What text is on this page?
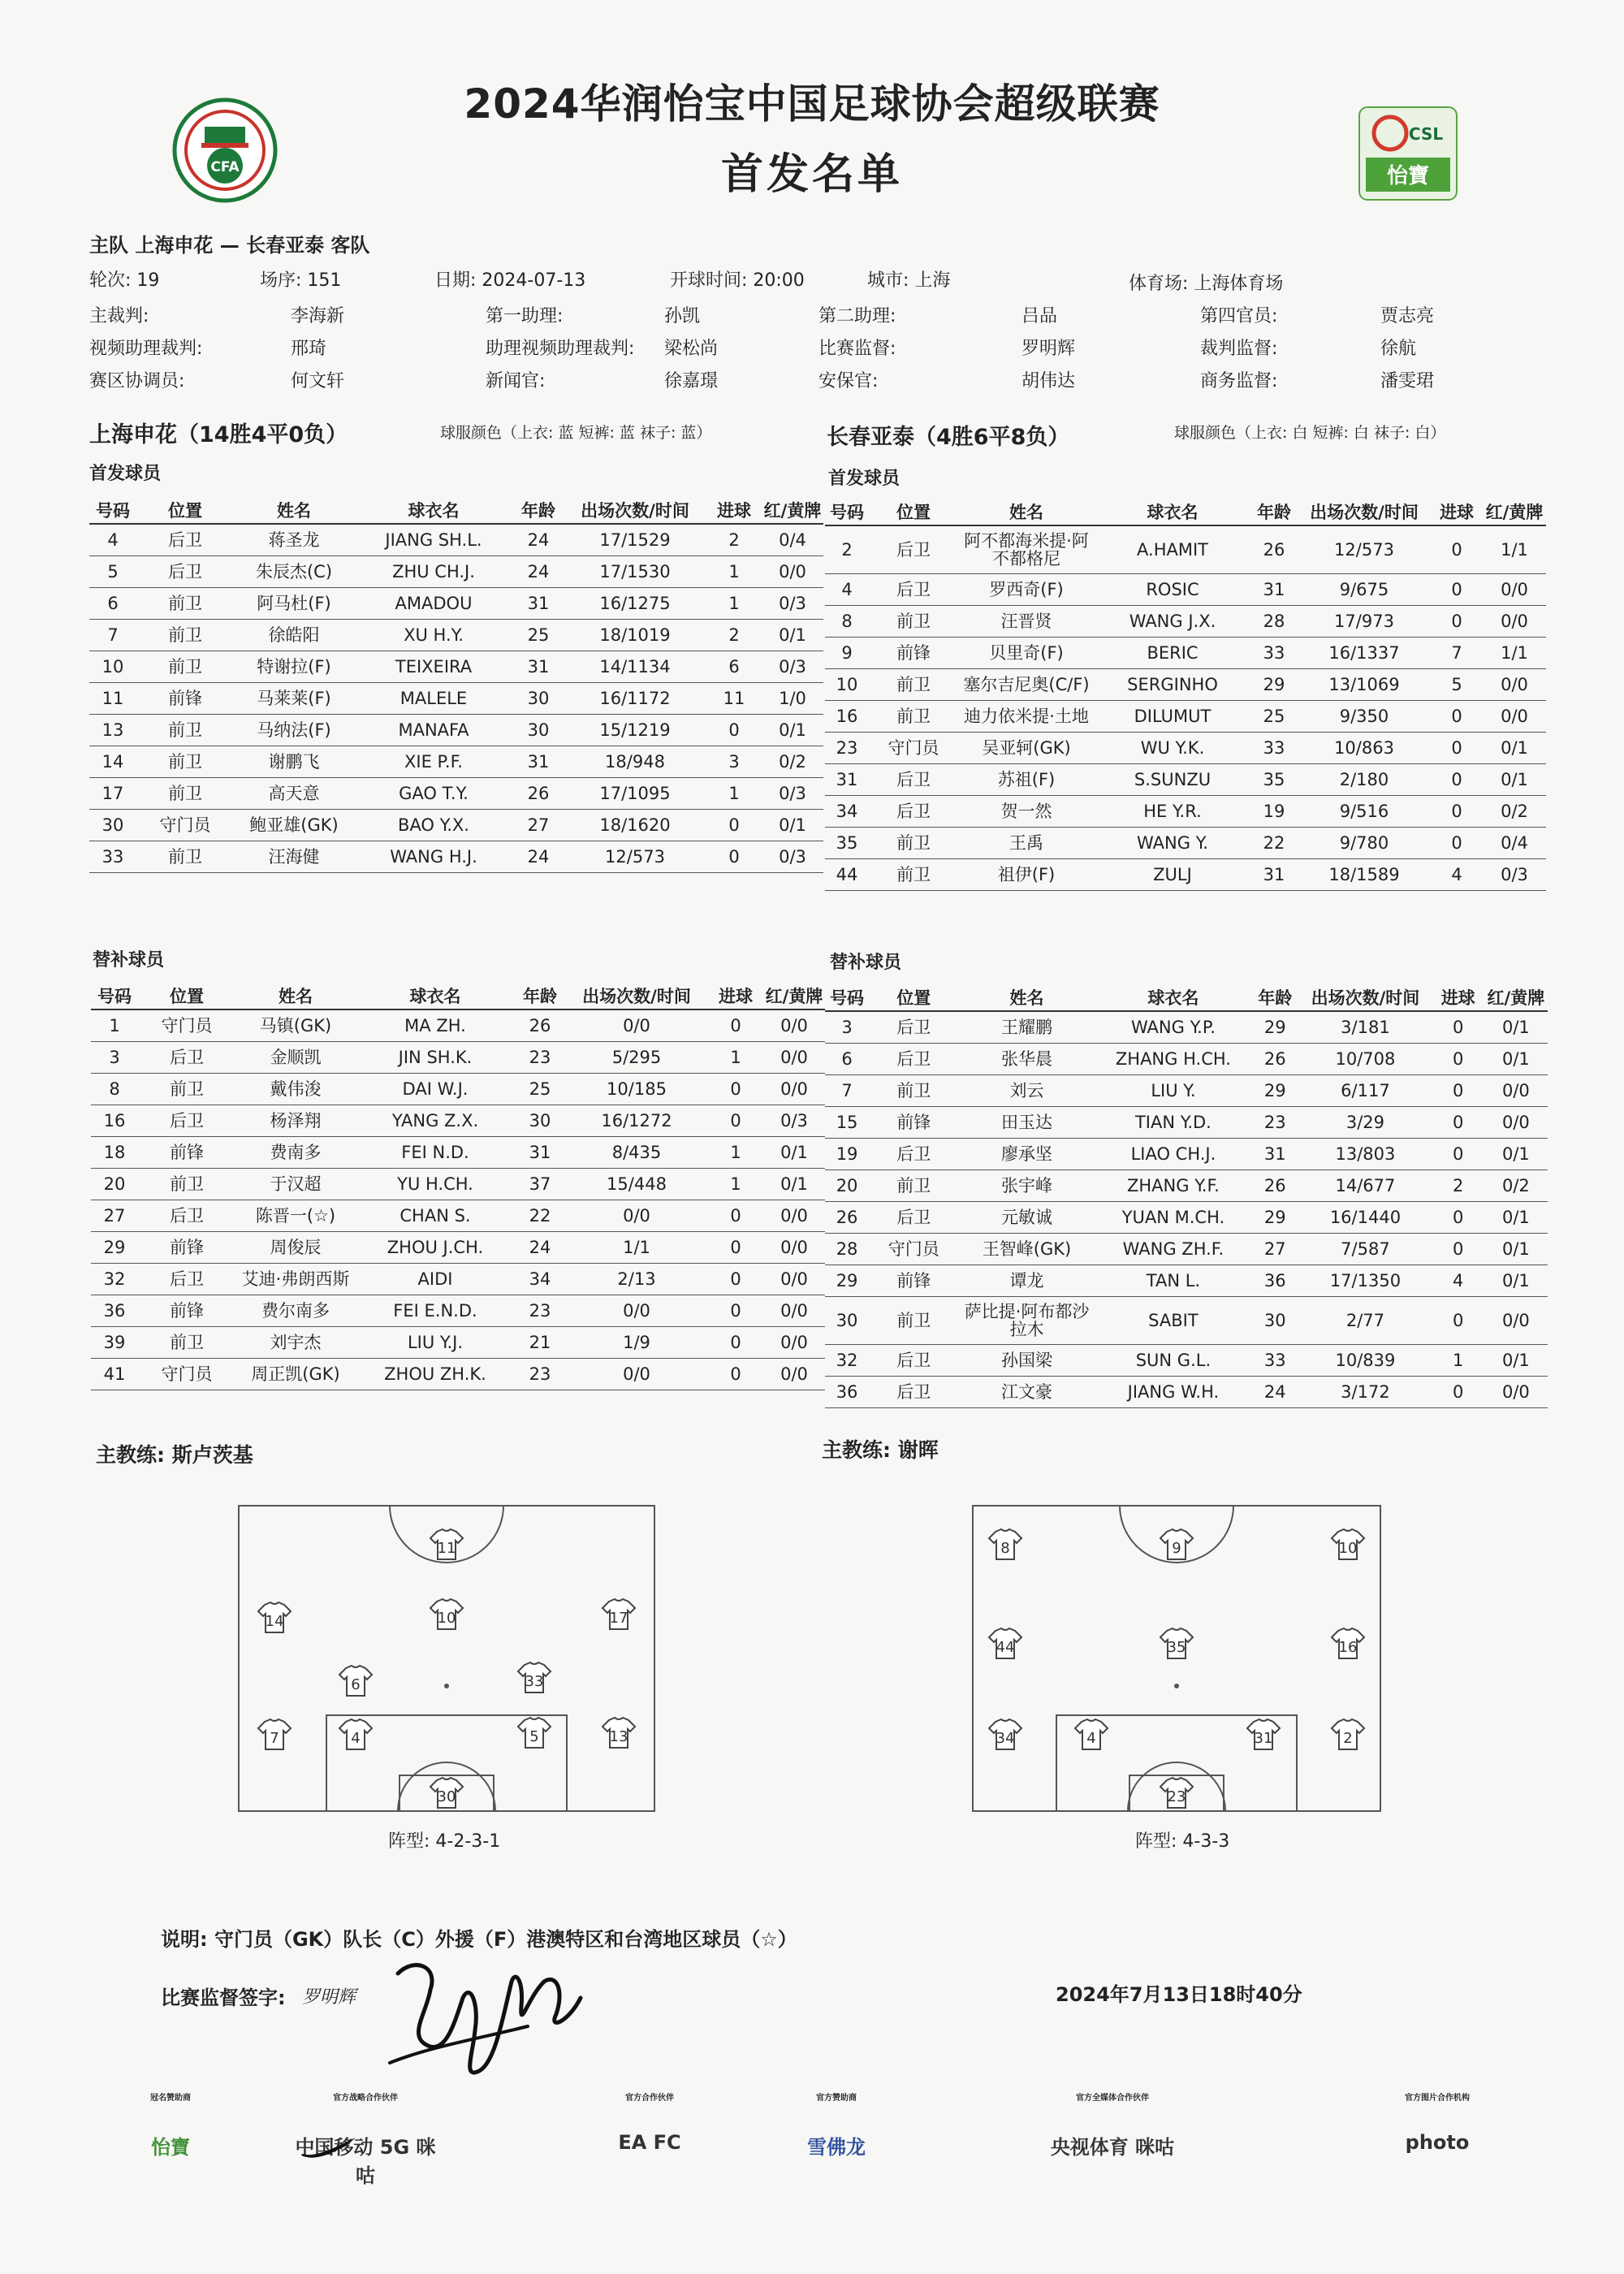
CFA
CSL
怡寶
2024华润怡宝中国足球协会超级联赛
首发名单
主队 上海申花 — 长春亚泰 客队
轮次: 19	场序: 151	日期: 2024-07-13	开球时间: 20:00	城市: 上海	体育场: 上海体育场
主裁判:	李海新	第一助理:	孙凯	第二助理:	吕品	第四官员:	贾志亮
视频助理裁判:	邢琦	助理视频助理裁判: 梁松尚	比赛监督:	罗明辉	裁判监督:	徐航
赛区协调员:	何文轩	新闻官:	徐嘉璟	安保官:	胡伟达	商务监督:	潘雯珺
上海申花（14胜4平0负）	球服颜色（上衣: 蓝 短裤: 蓝 袜子: 蓝）	长春亚泰（4胜6平8负）	球服颜色（上衣: 白 短裤: 白 袜子: 白）
首发球员	首发球员
替补球员	替补球员
号码	位置	姓名	球衣名	年龄	出场次数/时间	进球	红/黄牌
4	后卫	蒋圣龙	JIANG SH.L.	24	17/1529	2	0/4
5	后卫	朱辰杰(C)	ZHU CH.J.	24	17/1530	1	0/0
6	前卫	阿马杜(F)	AMADOU	31	16/1275	1	0/3
7	前卫	徐皓阳	XU H.Y.	25	18/1019	2	0/1
10	前卫	特谢拉(F)	TEIXEIRA	31	14/1134	6	0/3
11	前锋	马莱莱(F)	MALELE	30	16/1172	11	1/0
13	前卫	马纳法(F)	MANAFA	30	15/1219	0	0/1
14	前卫	谢鹏飞	XIE P.F.	31	18/948	3	0/2
17	前卫	高天意	GAO T.Y.	26	17/1095	1	0/3
30	守门员	鲍亚雄(GK)	BAO Y.X.	27	18/1620	0	0/1
33	前卫	汪海健	WANG H.J.	24	12/573	0	0/3
号码	位置	姓名	球衣名	年龄	出场次数/时间	进球	红/黄牌
2	后卫	阿不都海米提·阿
不都格尼	A.HAMIT	26	12/573	0	1/1
4	后卫	罗西奇(F)	ROSIC	31	9/675	0	0/0
8	前卫	汪晋贤	WANG J.X.	28	17/973	0	0/0
9	前锋	贝里奇(F)	BERIC	33	16/1337	7	1/1
10	前卫	塞尔吉尼奥(C/F)	SERGINHO	29	13/1069	5	0/0
16	前卫	迪力依米提·土地	DILUMUT	25	9/350	0	0/0
23	守门员	吴亚轲(GK)	WU Y.K.	33	10/863	0	0/1
31	后卫	苏祖(F)	S.SUNZU	35	2/180	0	0/1
34	后卫	贺一然	HE Y.R.	19	9/516	0	0/2
35	前卫	王禹	WANG Y.	22	9/780	0	0/4
44	前卫	祖伊(F)	ZULJ	31	18/1589	4	0/3
号码	位置	姓名	球衣名	年龄	出场次数/时间	进球	红/黄牌
1	守门员	马镇(GK)	MA ZH.	26	0/0	0	0/0
3	后卫	金顺凯	JIN SH.K.	23	5/295	1	0/0
8	前卫	戴伟浚	DAI W.J.	25	10/185	0	0/0
16	后卫	杨泽翔	YANG Z.X.	30	16/1272	0	0/3
18	前锋	费南多	FEI N.D.	31	8/435	1	0/1
20	前卫	于汉超	YU H.CH.	37	15/448	1	0/1
27	后卫	陈晋一(☆)	CHAN S.	22	0/0	0	0/0
29	前锋	周俊辰	ZHOU J.CH.	24	1/1	0	0/0
32	后卫	艾迪·弗朗西斯	AIDI	34	2/13	0	0/0
36	前锋	费尔南多	FEI E.N.D.	23	0/0	0	0/0
39	前卫	刘宇杰	LIU Y.J.	21	1/9	0	0/0
41	守门员	周正凯(GK)	ZHOU ZH.K.	23	0/0	0	0/0
号码	位置	姓名	球衣名	年龄	出场次数/时间	进球	红/黄牌
3	后卫	王耀鹏	WANG Y.P.	29	3/181	0	0/1
6	后卫	张华晨	ZHANG H.CH.	26	10/708	0	0/1
7	前卫	刘云	LIU Y.	29	6/117	0	0/0
15	前锋	田玉达	TIAN Y.D.	23	3/29	0	0/0
19	后卫	廖承坚	LIAO CH.J.	31	13/803	0	0/1
20	前卫	张宇峰	ZHANG Y.F.	26	14/677	2	0/2
26	后卫	元敏诚	YUAN M.CH.	29	16/1440	0	0/1
28	守门员	王智峰(GK)	WANG ZH.F.	27	7/587	0	0/1
29	前锋	谭龙	TAN L.	36	17/1350	4	0/1
30	前卫	萨比提·阿布都沙
拉木	SABIT	30	2/77	0	0/0
32	后卫	孙国梁	SUN G.L.	33	10/839	1	0/1
36	后卫	江文豪	JIANG W.H.	24	3/172	0	0/0
主教练: 斯卢茨基	主教练: 谢晖
11
14	10	17
6	33
7	4	5	13
30
8	9	10
44	35	16
34	4	31	2
23
阵型: 4-2-3-1	阵型: 4-3-3
说明: 守门员（GK）队长（C）外援（F）港澳特区和台湾地区球员（☆）
比赛监督签字: 罗明辉	2024年7月13日18时40分
冠名赞助商
怡寶
官方战略合作伙伴
中国移动 5G 咪咕
官方合作伙伴
EA FC
官方赞助商
雪佛龙
官方全媒体合作伙伴
央视体育 咪咕
官方图片合作机构
photo
